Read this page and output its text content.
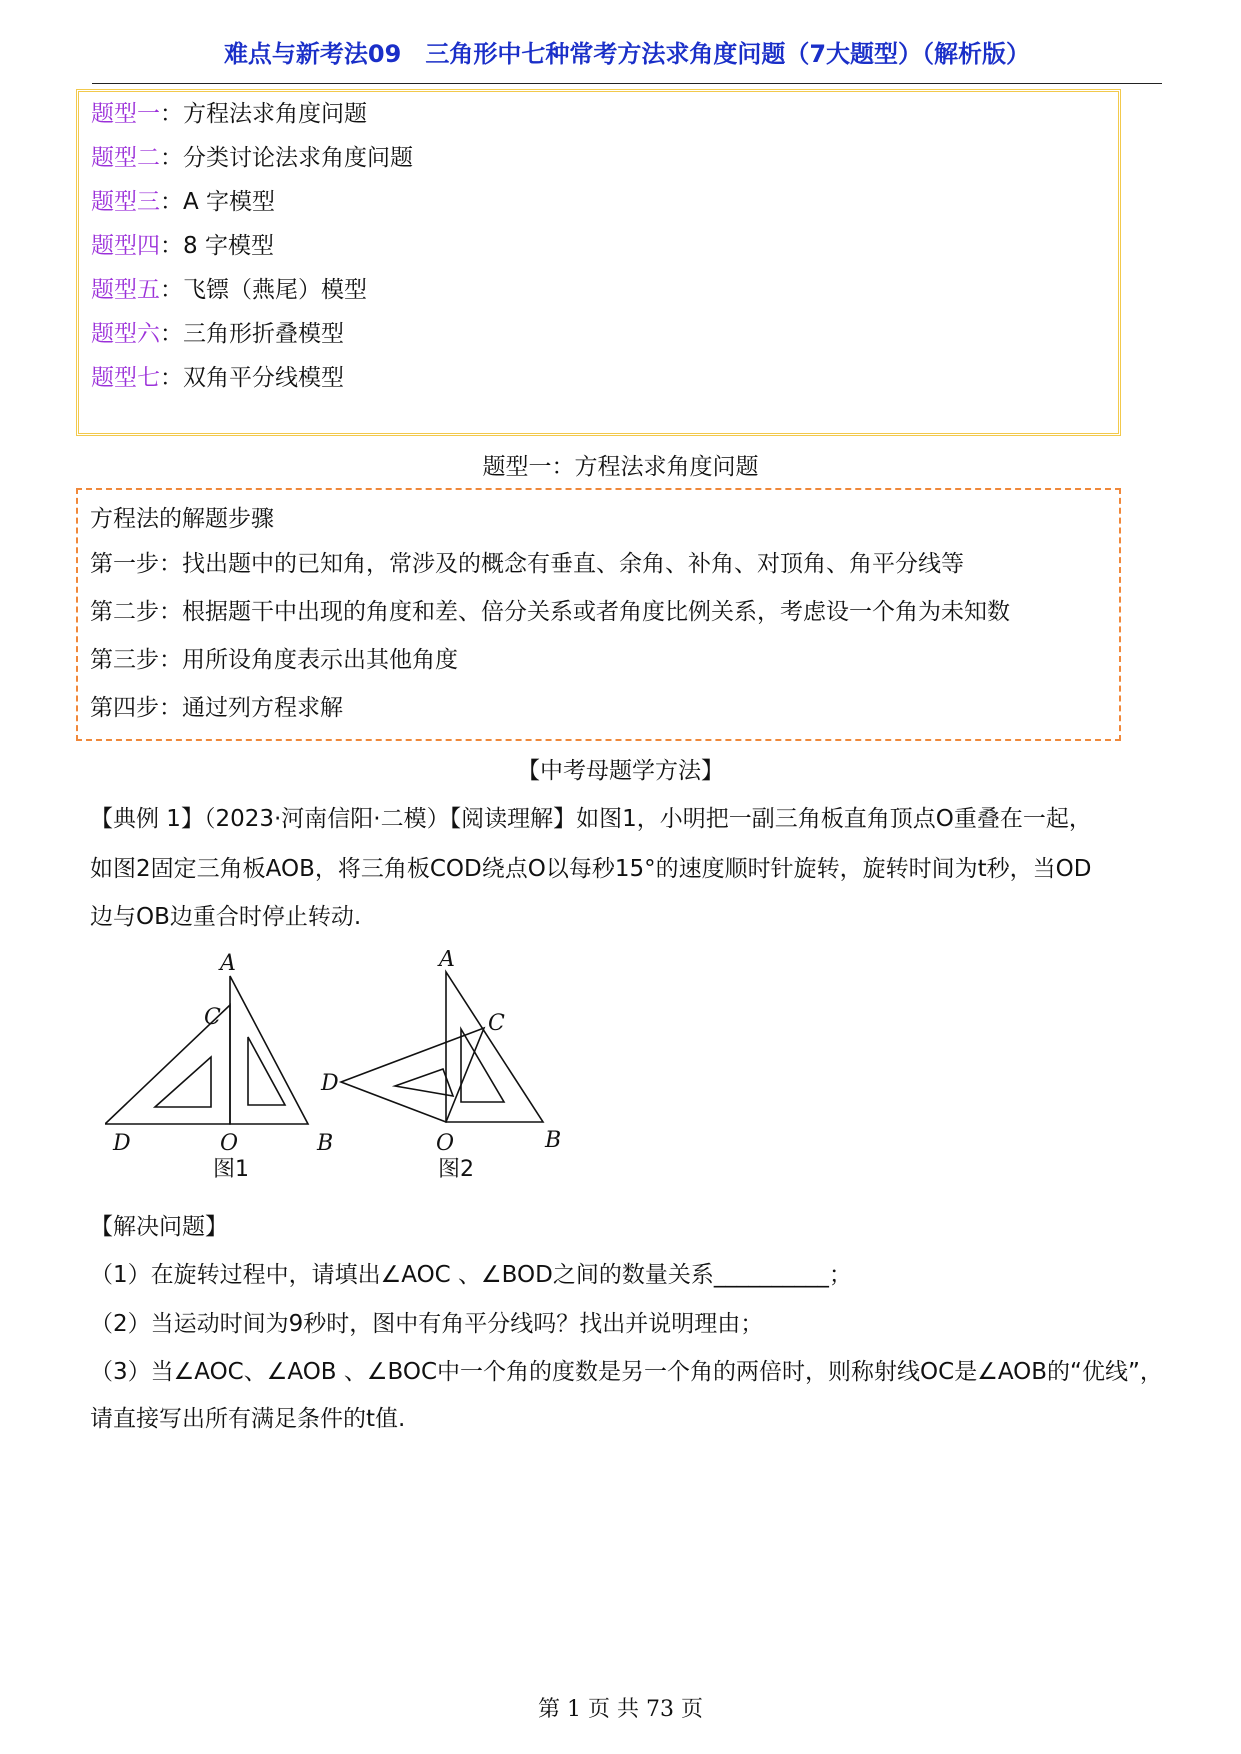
难点与新考法09　三角形中七种常考方法求角度问题（7大题型）（解析版）
题型一：方程法求角度问题
题型二：分类讨论法求角度问题
题型三：A 字模型
题型四：8 字模型
题型五：飞镖（燕尾）模型
题型六：三角形折叠模型
题型七：双角平分线模型
题型一：方程法求角度问题
方程法的解题步骤
第一步：找出题中的已知角，常涉及的概念有垂直、余角、补角、对顶角、角平分线等
第二步：根据题干中出现的角度和差、倍分关系或者角度比例关系，考虑设一个角为未知数
第三步：用所设角度表示出其他角度
第四步：通过列方程求解
【中考母题学方法】
【典例 1】（2023·河南信阳·二模）【阅读理解】如图1，小明把一副三角板直角顶点O重叠在一起，
如图2固定三角板AOB，将三角板COD绕点O以每秒15°的速度顺时针旋转，旋转时间为t秒，当OD
边与OB边重合时停止转动.
A
C
D	O	B
图1
A
C
D
O	B
图2
【解决问题】
（1）在旋转过程中，请填出∠AOC 、∠BOD之间的数量关系__________；
（2）当运动时间为9秒时，图中有角平分线吗？找出并说明理由；
（3）当∠AOC、∠AOB 、∠BOC中一个角的度数是另一个角的两倍时，则称射线OC是∠AOB的“优线”，
请直接写出所有满足条件的t值.
第 1 页 共 73 页
